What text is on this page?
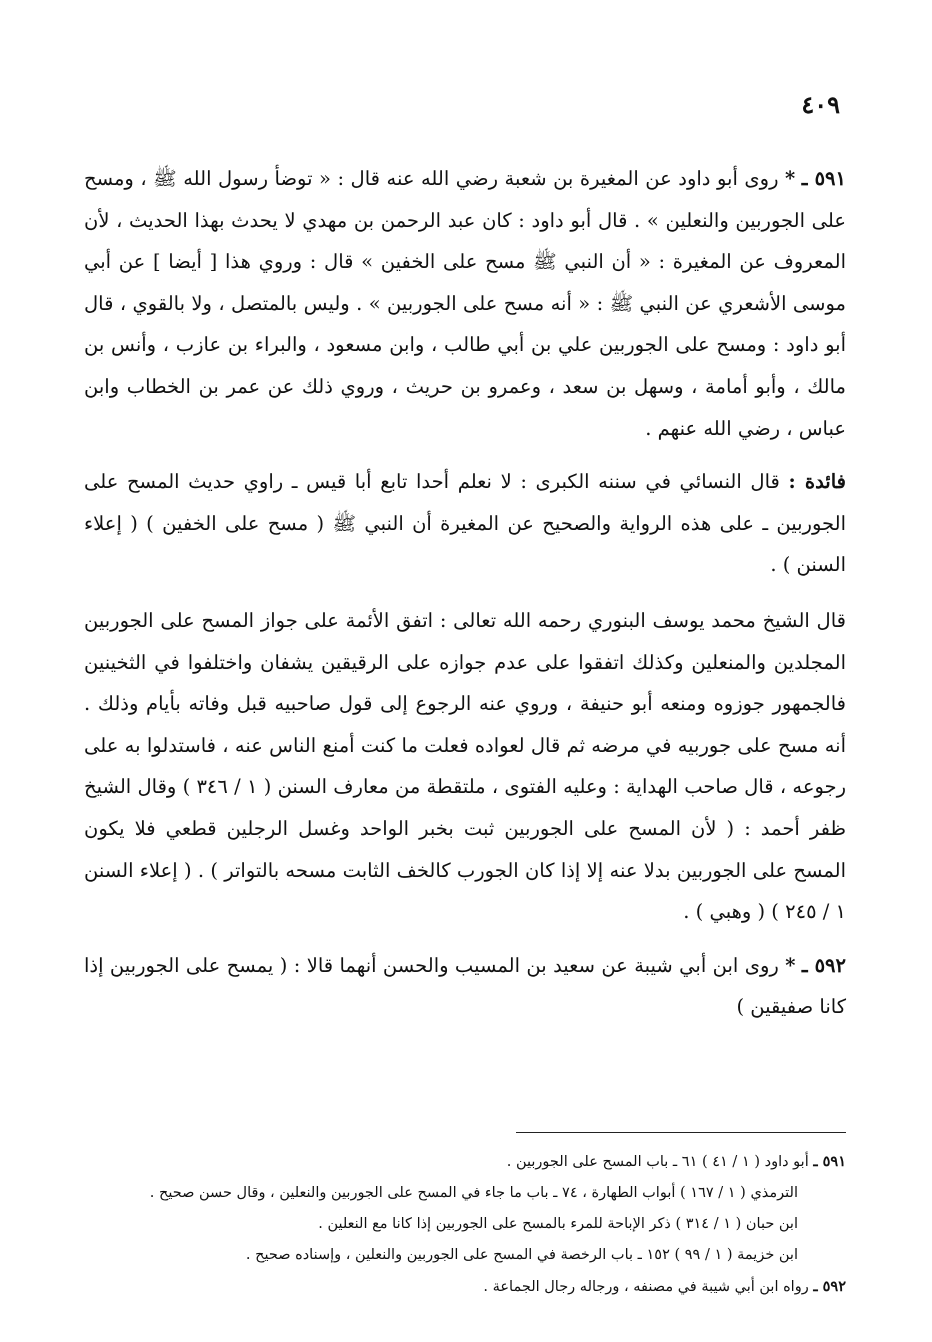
٤٠٩

٥٩١ ـ * روى أبو داود عن المغيرة بن شعبة رضي الله عنه قال : « توضأ رسول الله ﷺ ، ومسح على الجوربين والنعلين » . قال أبو داود : كان عبد الرحمن بن مهدي لا يحدث بهذا الحديث ، لأن المعروف عن المغيرة : « أن النبي ﷺ مسح على الخفين » قال : وروي هذا [ أيضا ] عن أبي موسى الأشعري عن النبي ﷺ : « أنه مسح على الجوربين » . وليس بالمتصل ، ولا بالقوي ، قال أبو داود : ومسح على الجوربين علي بن أبي طالب ، وابن مسعود ، والبراء بن عازب ، وأنس بن مالك ، وأبو أمامة ، وسهل بن سعد ، وعمرو بن حريث ، وروي ذلك عن عمر بن الخطاب وابن عباس ، رضي الله عنهم .

فائدة : قال النسائي في سننه الكبرى : لا نعلم أحدا تابع أبا قيس ـ راوي حديث المسح على الجوربين ـ على هذه الرواية والصحيح عن المغيرة أن النبي ﷺ ( مسح على الخفين ) ( إعلاء السنن ) .

قال الشيخ محمد يوسف البنوري رحمه الله تعالى : اتفق الأئمة على جواز المسح على الجوربين المجلدين والمنعلين وكذلك اتفقوا على عدم جوازه على الرقيقين يشفان واختلفوا في الثخينين فالجمهور جوزوه ومنعه أبو حنيفة ، وروي عنه الرجوع إلى قول صاحبيه قبل وفاته بأيام وذلك . أنه مسح على جوربيه في مرضه ثم قال لعواده فعلت ما كنت أمنع الناس عنه ، فاستدلوا به على رجوعه ، قال صاحب الهداية : وعليه الفتوى ، ملتقطة من معارف السنن ( ١ / ٣٤٦ ) وقال الشيخ ظفر أحمد : ( لأن المسح على الجوربين ثبت بخبر الواحد وغسل الرجلين قطعي فلا يكون المسح على الجوربين بدلا عنه إلا إذا كان الجورب كالخف الثابت مسحه بالتواتر ) . ( إعلاء السنن ١ / ٢٤٥ ) ( وهبي ) .

٥٩٢ ـ * روى ابن أبي شيبة عن سعيد بن المسيب والحسن أنهما قالا : ( يمسح على الجوربين إذا كانا صفيقين )

٥٩١ ـ أبو داود ( ١ / ٤١ ) ٦١ ـ باب المسح على الجوربين .

الترمذي ( ١ / ١٦٧ ) أبواب الطهارة ، ٧٤ ـ باب ما جاء في المسح على الجوربين والنعلين ، وقال حسن صحيح .

ابن حبان ( ١ / ٣١٤ ) ذكر الإباحة للمرء بالمسح على الجوربين إذا كانا مع النعلين .

ابن خزيمة ( ١ / ٩٩ ) ١٥٢ ـ باب الرخصة في المسح على الجوربين والنعلين ، وإسناده صحيح .

٥٩٢ ـ رواه ابن أبي شيبة في مصنفه ، ورجاله رجال الجماعة .
